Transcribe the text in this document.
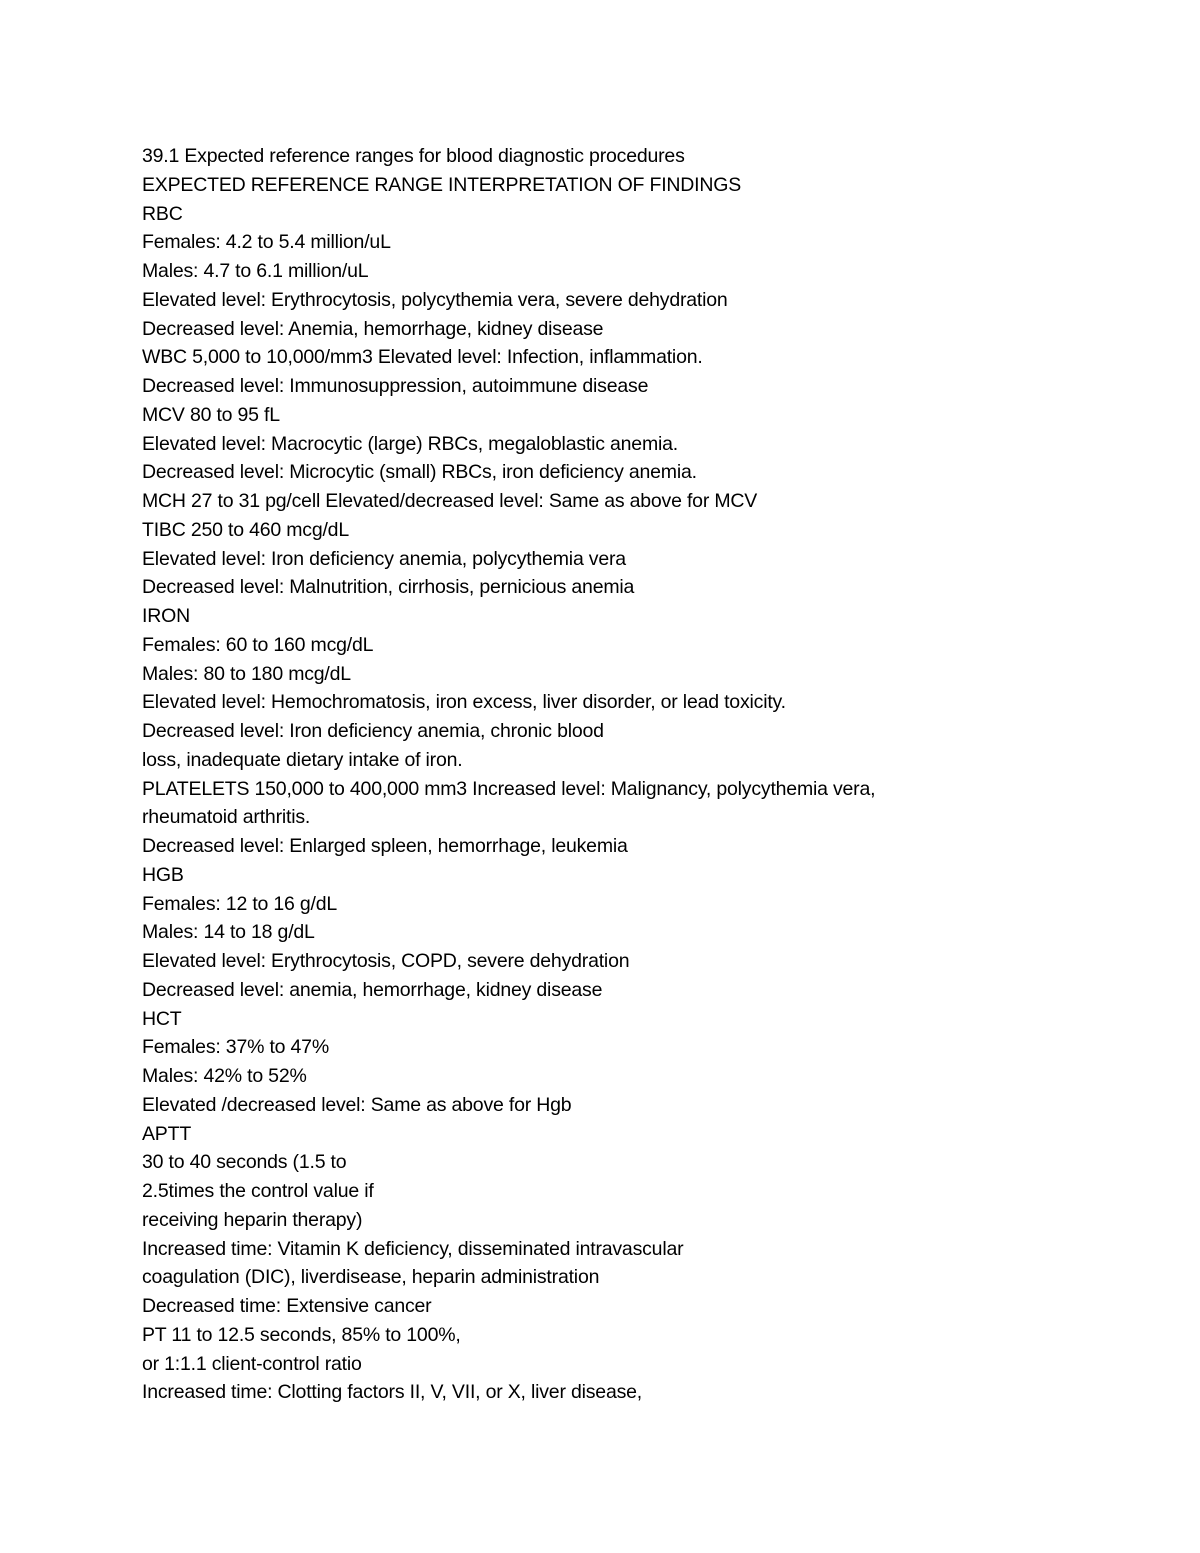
39.1 Expected reference ranges for blood diagnostic procedures
EXPECTED REFERENCE RANGE INTERPRETATION OF FINDINGS
RBC
Females: 4.2 to 5.4 million/uL
Males: 4.7 to 6.1 million/uL
Elevated level: Erythrocytosis, polycythemia vera, severe dehydration
Decreased level: Anemia, hemorrhage, kidney disease
WBC 5,000 to 10,000/mm3 Elevated level: Infection, inflammation.
Decreased level: Immunosuppression, autoimmune disease
MCV 80 to 95 fL
Elevated level: Macrocytic (large) RBCs, megaloblastic anemia.
Decreased level: Microcytic (small) RBCs, iron deficiency anemia.
MCH 27 to 31 pg/cell Elevated/decreased level: Same as above for MCV
TIBC 250 to 460 mcg/dL
Elevated level: Iron deficiency anemia, polycythemia vera
Decreased level: Malnutrition, cirrhosis, pernicious anemia
IRON
Females: 60 to 160 mcg/dL
Males: 80 to 180 mcg/dL
Elevated level: Hemochromatosis, iron excess, liver disorder, or lead toxicity.
Decreased level: Iron deficiency anemia, chronic blood
loss, inadequate dietary intake of iron.
PLATELETS 150,000 to 400,000 mm3 Increased level: Malignancy, polycythemia vera,
rheumatoid arthritis.
Decreased level: Enlarged spleen, hemorrhage, leukemia
HGB
Females: 12 to 16 g/dL
Males: 14 to 18 g/dL
Elevated level: Erythrocytosis, COPD, severe dehydration
Decreased level: anemia, hemorrhage, kidney disease
HCT
Females: 37% to 47%
Males: 42% to 52%
Elevated /decreased level: Same as above for Hgb
APTT
30 to 40 seconds (1.5 to
2.5times the control value if
receiving heparin therapy)
Increased time: Vitamin K deficiency, disseminated intravascular
coagulation (DIC), liverdisease, heparin administration
Decreased time: Extensive cancer
PT 11 to 12.5 seconds, 85% to 100%,
or 1:1.1 client-control ratio
Increased time: Clotting factors II, V, VII, or X, liver disease,
